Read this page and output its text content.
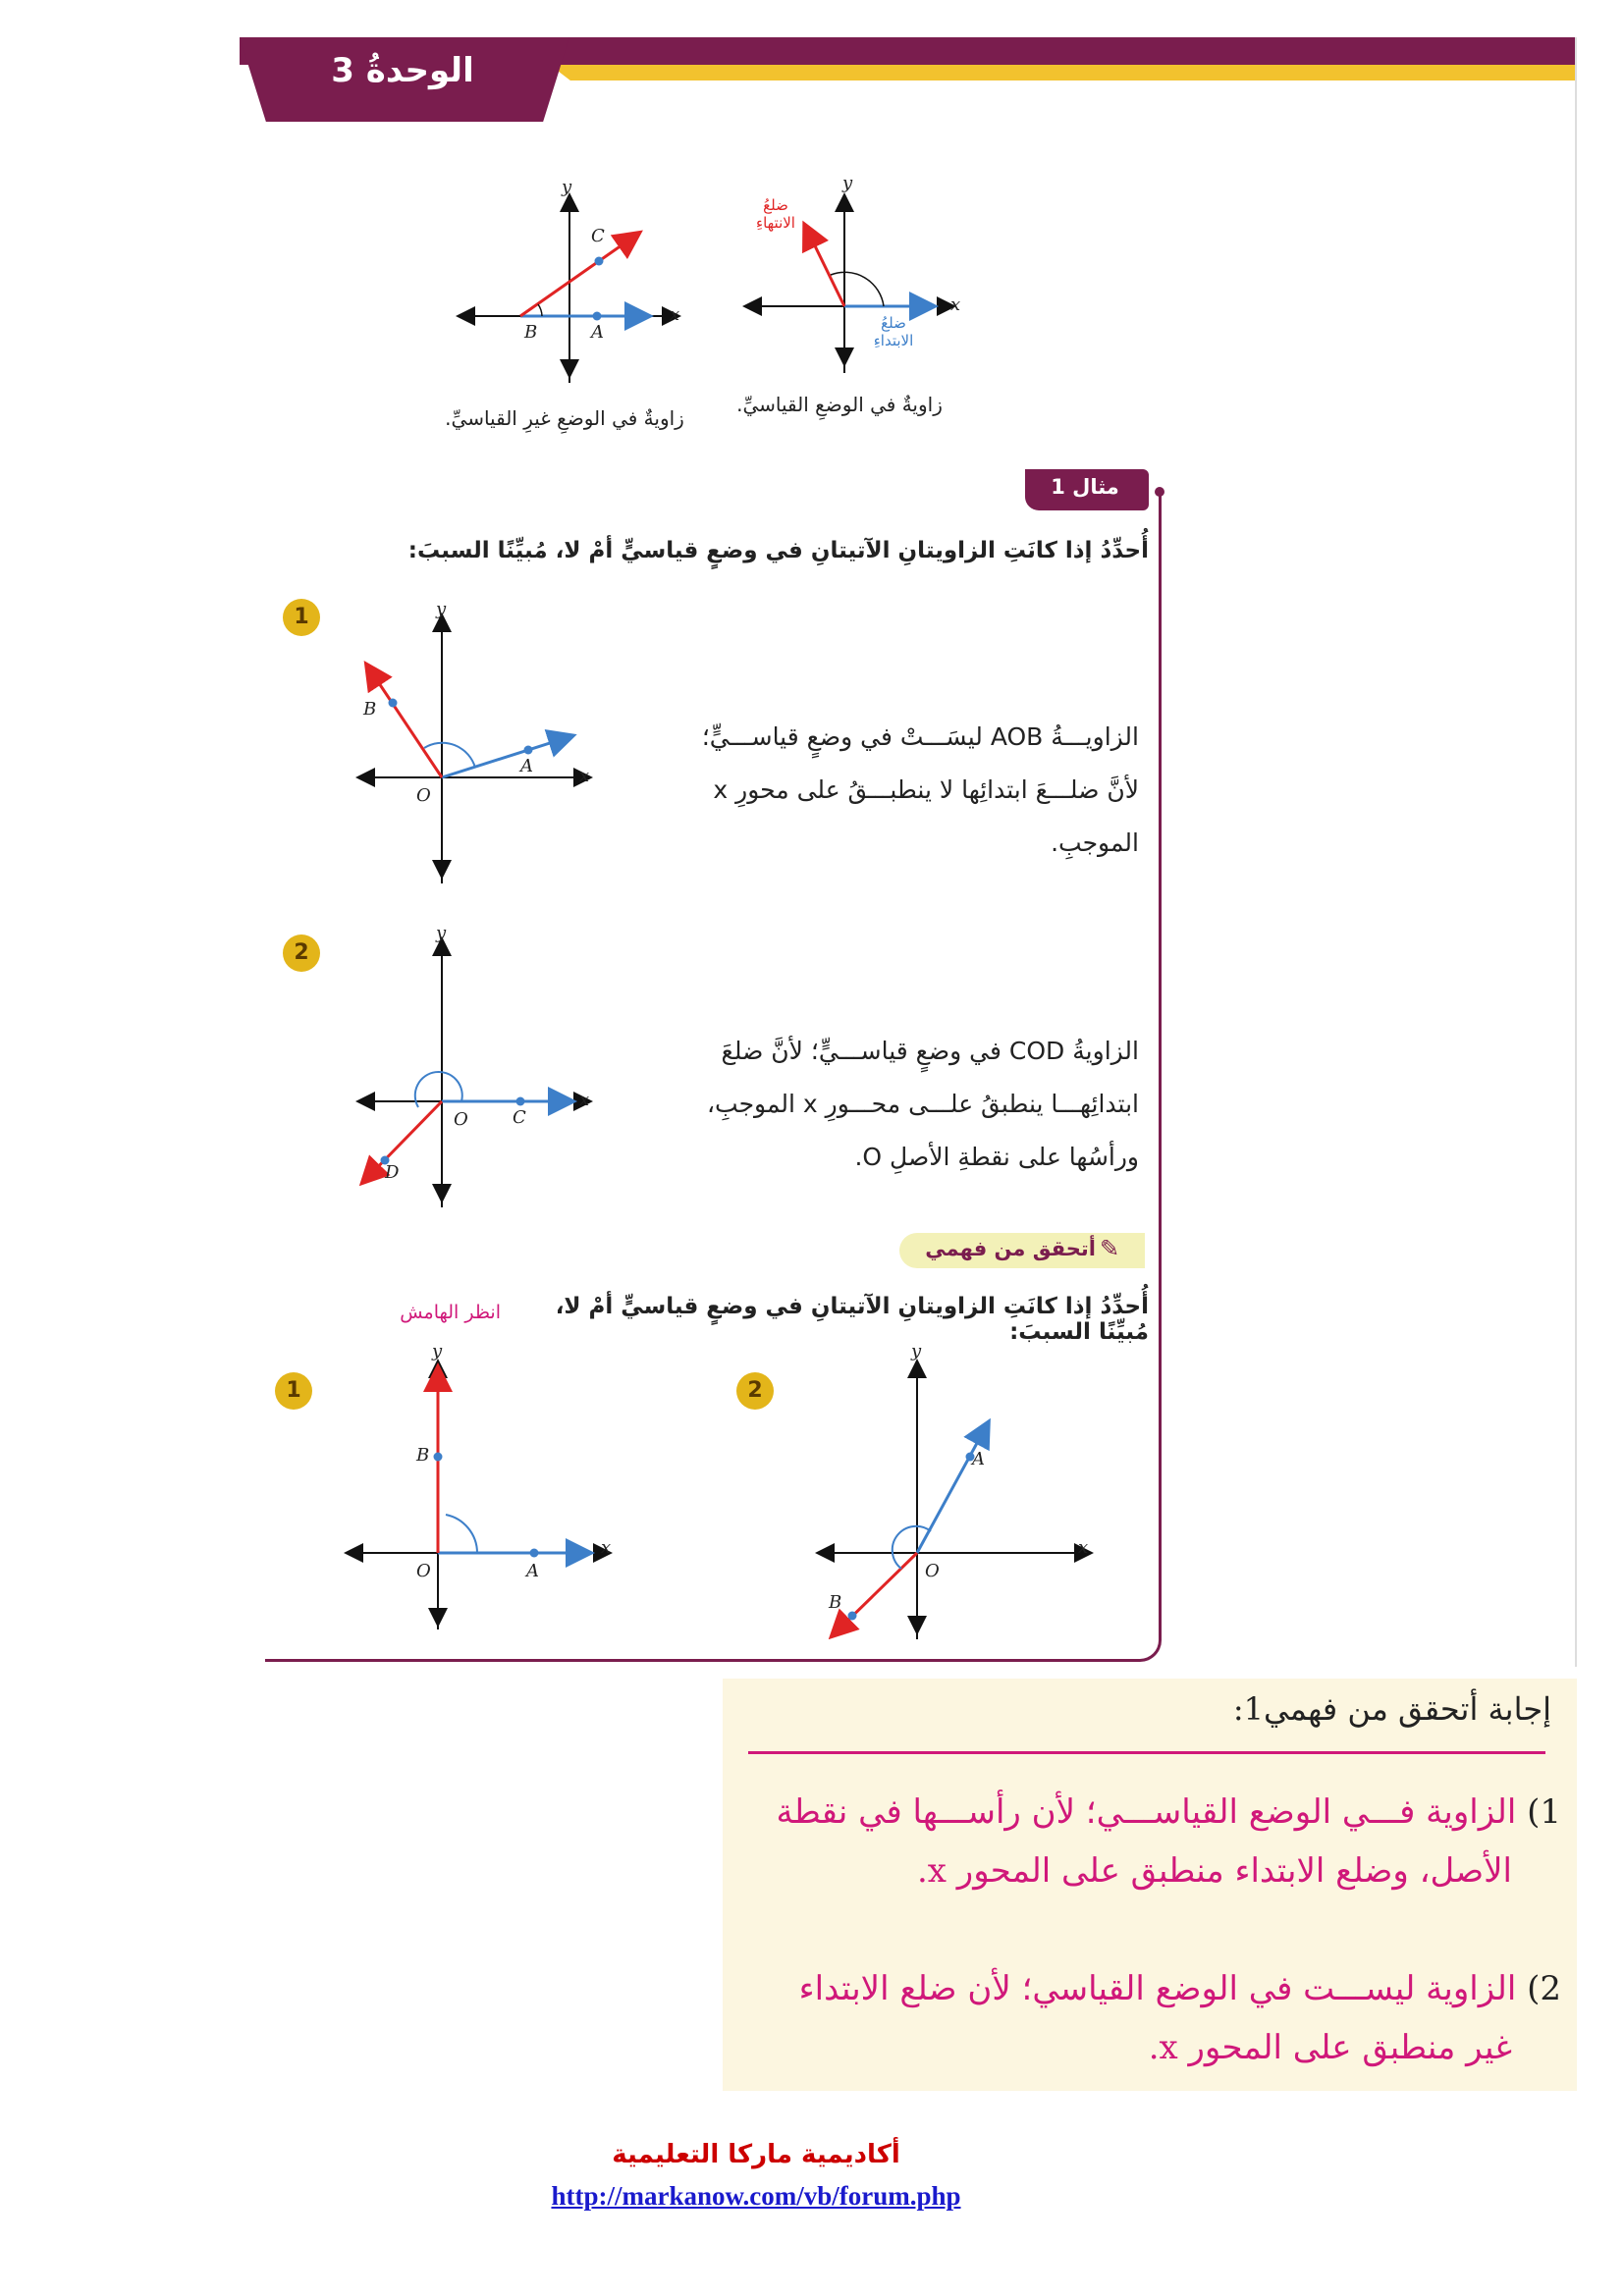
الوحدةُ 3
y
x
ضلعُ
الانتهاءِ
ضلعُ
الابتداءِ
زاويةٌ في الوضعِ القياسيِّ.
C
B	A
y
x
زاويةٌ في الوضعِ غيرِ القياسيِّ.
مثال 1
أُحدِّدُ إذا كانَتِ الزاويتانِ الآتيتانِ في وضعٍ قياسيٍّ أمْ لا، مُبيِّنًا السببَ:
1
B
A
O
x
y
الزاويـــةُ AOB ليسَـــتْ في وضعٍ قياســـيٍّ؛
لأنَّ ضلـــعَ ابتدائِها لا ينطبـــقُ على محورِ x
الموجبِ.
2
C
D
O
x
y
الزاويةُ COD في وضعٍ قياســـيٍّ؛ لأنَّ ضلعَ
ابتدائِهـــا ينطبقُ علـــى محـــورِ x الموجبِ،
ورأسُها على نقطةِ الأصلِ O.
✎
أتحقق من فهمي
أُحدِّدُ إذا كانَتِ الزاويتانِ الآتيتانِ في وضعٍ قياسيٍّ أمْ لا، مُبيِّنًا السببَ:
انظر الهامش
1
B
A
O
x
y
2
A
B
O
x
y
إجابة أتحقق من فهمي1:
1) الزاوية فـــي الوضع القياســـي؛ لأن رأســـها في نقطة
الأصل، وضلع الابتداء منطبق على المحور x.
2) الزاوية ليســـت في الوضع القياسي؛ لأن ضلع الابتداء
غير منطبق على المحور x.
أكاديمية ماركا التعليمية
http://markanow.com/vb/forum.php
